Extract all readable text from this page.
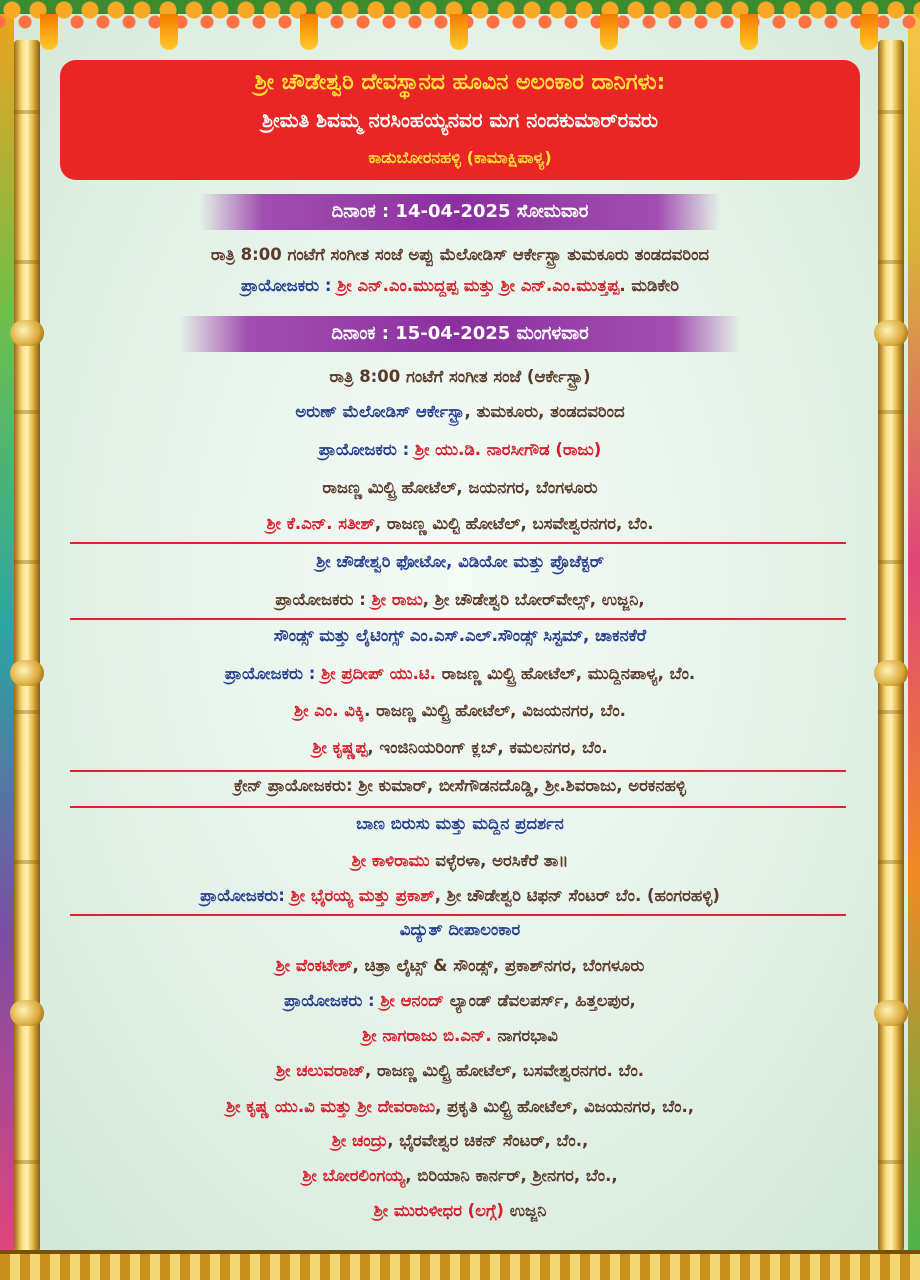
ಶ್ರೀ ಚೌಡೇಶ್ವರಿ ದೇವಸ್ಥಾನದ ಹೂವಿನ ಅಲಂಕಾರ ದಾನಿಗಳು:
ಶ್ರೀಮತಿ ಶಿವಮ್ಮ ನರಸಿಂಹಯ್ಯನವರ ಮಗ ನಂದಕುಮಾರ್‌ರವರು
ಕಾಡುಬೋರನಹಳ್ಳಿ (ಕಾಮಾಕ್ಷಿಪಾಳ್ಯ)
ದಿನಾಂಕ : 14-04-2025 ಸೋಮವಾರ
ರಾತ್ರಿ 8:00 ಗಂಟೆಗೆ ಸಂಗೀತ ಸಂಜೆ ಅಪ್ಪು ಮೆಲೋಡಿಸ್ ಆರ್ಕೇಸ್ಟ್ರಾ ತುಮಕೂರು ತಂಡದವರಿಂದ
ಪ್ರಾಯೋಜಕರು : ಶ್ರೀ ಎನ್.ಎಂ.ಮುದ್ದಪ್ಪ ಮತ್ತು ಶ್ರೀ ಎನ್.ಎಂ.ಮುತ್ತಪ್ಪ. ಮಡಿಕೇರಿ
ದಿನಾಂಕ : 15-04-2025 ಮಂಗಳವಾರ
ರಾತ್ರಿ 8:00 ಗಂಟೆಗೆ ಸಂಗೀತ ಸಂಜೆ (ಆರ್ಕೇಸ್ಟ್ರಾ)
ಅರುಣ್ ಮೆಲೋಡಿಸ್ ಆರ್ಕೇಸ್ಟ್ರಾ, ತುಮಕೂರು, ತಂಡದವರಿಂದ
ಪ್ರಾಯೋಜಕರು : ಶ್ರೀ ಯು.ಡಿ. ನಾರಸೀಗೌಡ (ರಾಜು)
ರಾಜಣ್ಣ ಮಿಲ್ಟ್ರಿ ಹೋಟೆಲ್, ಜಯನಗರ, ಬೆಂಗಳೂರು
ಶ್ರೀ ಕೆ.ಎನ್. ಸತೀಶ್, ರಾಜಣ್ಣ ಮಿಲ್ಟಿ ಹೋಟೆಲ್, ಬಸವೇಶ್ವರನಗರ, ಬೆಂ.
ಶ್ರೀ ಚೌಡೇಶ್ವರಿ ಫೋಟೋ, ವಿಡಿಯೋ ಮತ್ತು ಪ್ರೊಜೆಕ್ಟರ್
ಪ್ರಾಯೋಜಕರು : ಶ್ರೀ ರಾಜು, ಶ್ರೀ ಚೌಡೇಶ್ವರಿ ಬೋರ್‌ವೇಲ್ಸ್, ಉಜ್ಜನಿ,
ಸೌಂಡ್ಸ್ ಮತ್ತು ಲೈಟಿಂಗ್ಸ್ ಎಂ.ಎಸ್.ಎಲ್.ಸೌಂಡ್ಸ್ ಸಿಸ್ಟಮ್, ಚಾಕನಕೆರೆ
ಪ್ರಾಯೋಜಕರು : ಶ್ರೀ ಪ್ರದೀಪ್ ಯು.ಟಿ. ರಾಜಣ್ಣ ಮಿಲ್ಟ್ರಿ ಹೋಟೆಲ್, ಮುದ್ದಿನಪಾಳ್ಯ, ಬೆಂ.
ಶ್ರೀ ಎಂ. ವಿಕ್ಕಿ. ರಾಜಣ್ಣ ಮಿಲ್ಟ್ರಿ ಹೋಟೆಲ್, ವಿಜಯನಗರ, ಬೆಂ.
ಶ್ರೀ ಕೃಷ್ಣಪ್ಪ, ಇಂಜಿನಿಯರಿಂಗ್ ಕ್ಲಬ್, ಕಮಲನಗರ, ಬೆಂ.
ಕ್ರೇನ್ ಪ್ರಾಯೋಜಕರು: ಶ್ರೀ ಕುಮಾರ್, ಬೀಸೆಗೌಡನದೊಡ್ಡಿ, ಶ್ರೀ.ಶಿವರಾಜು, ಅರಕನಹಳ್ಳಿ
ಬಾಣ ಬಿರುಸು ಮತ್ತು ಮದ್ದಿನ ಪ್ರದರ್ಶನ
ಶ್ರೀ ಕಾಳಿರಾಮು ವಳ್ಳೆರಳಾ, ಅರಸಿಕೆರೆ ತಾ॥
ಪ್ರಾಯೋಜಕರು: ಶ್ರೀ ಭೈರಯ್ಯ ಮತ್ತು ಪ್ರಕಾಶ್, ಶ್ರೀ ಚೌಡೇಶ್ವರಿ ಟಿಫನ್ ಸೆಂಟರ್ ಬೆಂ. (ಹಂಗರಹಳ್ಳಿ)
ವಿದ್ಯುತ್ ದೀಪಾಲಂಕಾರ
ಶ್ರೀ ವೆಂಕಟೇಶ್, ಚಿತ್ರಾ ಲೈಟ್ಸ್ & ಸೌಂಡ್ಸ್, ಪ್ರಕಾಶ್‌ನಗರ, ಬೆಂಗಳೂರು
ಪ್ರಾಯೋಜಕರು : ಶ್ರೀ ಆನಂದ್ ಲ್ಯಾಂಡ್ ಡೆವಲಪರ್ಸ್, ಹಿತ್ತಲಪುರ,
ಶ್ರೀ ನಾಗರಾಜು ಬಿ.ಎನ್. ನಾಗರಭಾವಿ
ಶ್ರೀ ಚಲುವರಾಜ್, ರಾಜಣ್ಣ ಮಿಲ್ಟ್ರಿ ಹೋಟೆಲ್, ಬಸವೇಶ್ವರನಗರ. ಬೆಂ.
ಶ್ರೀ ಕೃಷ್ಣ ಯು.ವಿ ಮತ್ತು ಶ್ರೀ ದೇವರಾಜು, ಪ್ರಕೃತಿ ಮಿಲ್ಟ್ರಿ ಹೋಟೆಲ್, ವಿಜಯನಗರ, ಬೆಂ.,
ಶ್ರೀ ಚಂದ್ರು, ಭೈರವೇಶ್ವರ ಚಿಕನ್ ಸೆಂಟರ್, ಬೆಂ.,
ಶ್ರೀ ಬೋರಲಿಂಗಯ್ಯ, ಬಿರಿಯಾನಿ ಕಾರ್ನರ್, ಶ್ರೀನಗರ, ಬೆಂ.,
ಶ್ರೀ ಮುರುಳೀಧರ (ಲಗ್ಗೆ) ಉಜ್ಜನಿ
